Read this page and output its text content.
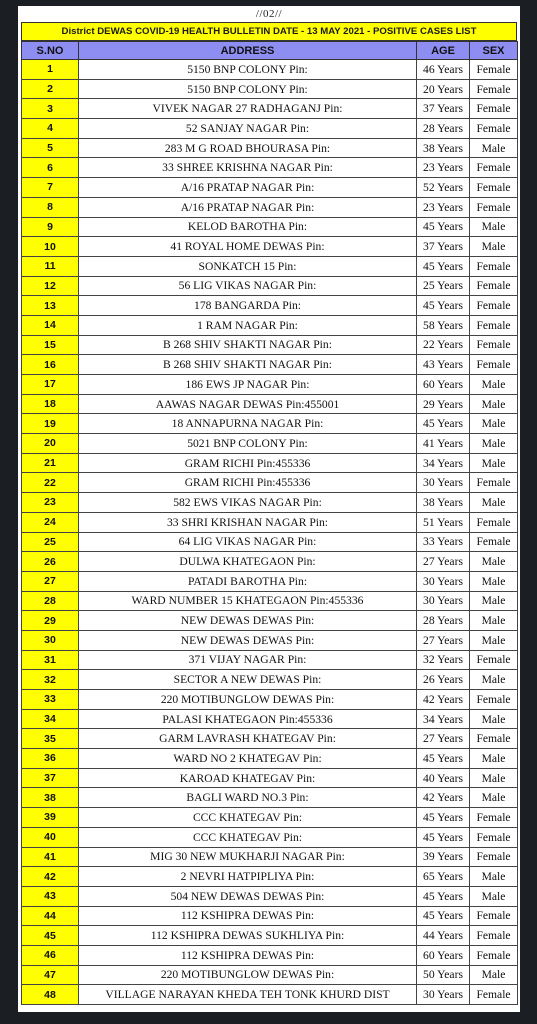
//02//
District DEWAS COVID-19 HEALTH BULLETIN DATE - 13 MAY 2021 - POSITIVE CASES LIST
S.NO	ADDRESS	AGE	SEX
1	5150 BNP COLONY Pin:	46 Years	Female
2	5150 BNP COLONY Pin:	20 Years	Female
3	VIVEK NAGAR 27 RADHAGANJ Pin:	37 Years	Female
4	52 SANJAY NAGAR Pin:	28 Years	Female
5	283 M G ROAD BHOURASA Pin:	38 Years	Male
6	33 SHREE KRISHNA NAGAR Pin:	23 Years	Female
7	A/16 PRATAP NAGAR Pin:	52 Years	Female
8	A/16 PRATAP NAGAR Pin:	23 Years	Female
9	KELOD BAROTHA Pin:	45 Years	Male
10	41 ROYAL HOME DEWAS Pin:	37 Years	Male
11	SONKATCH 15 Pin:	45 Years	Female
12	56 LIG VIKAS NAGAR Pin:	25 Years	Female
13	178 BANGARDA Pin:	45 Years	Female
14	1 RAM NAGAR Pin:	58 Years	Female
15	B 268 SHIV SHAKTI NAGAR Pin:	22 Years	Female
16	B 268 SHIV SHAKTI NAGAR Pin:	43 Years	Female
17	186 EWS JP NAGAR Pin:	60 Years	Male
18	AAWAS NAGAR DEWAS Pin:455001	29 Years	Male
19	18 ANNAPURNA NAGAR Pin:	45 Years	Male
20	5021 BNP COLONY Pin:	41 Years	Male
21	GRAM RICHI Pin:455336	34 Years	Male
22	GRAM RICHI Pin:455336	30 Years	Female
23	582 EWS VIKAS NAGAR Pin:	38 Years	Male
24	33 SHRI KRISHAN NAGAR Pin:	51 Years	Female
25	64 LIG VIKAS NAGAR Pin:	33 Years	Female
26	DULWA KHATEGAON Pin:	27 Years	Male
27	PATADI BAROTHA Pin:	30 Years	Male
28	WARD NUMBER 15 KHATEGAON Pin:455336	30 Years	Male
29	NEW DEWAS DEWAS Pin:	28 Years	Male
30	NEW DEWAS DEWAS Pin:	27 Years	Male
31	371 VIJAY NAGAR Pin:	32 Years	Female
32	SECTOR A NEW DEWAS Pin:	26 Years	Male
33	220 MOTIBUNGLOW DEWAS Pin:	42 Years	Female
34	PALASI KHATEGAON Pin:455336	34 Years	Male
35	GARM LAVRASH KHATEGAV Pin:	27 Years	Female
36	WARD NO 2 KHATEGAV Pin:	45 Years	Male
37	KAROAD KHATEGAV Pin:	40 Years	Male
38	BAGLI WARD NO.3 Pin:	42 Years	Male
39	CCC KHATEGAV Pin:	45 Years	Female
40	CCC KHATEGAV Pin:	45 Years	Female
41	MIG 30 NEW MUKHARJI NAGAR Pin:	39 Years	Female
42	2 NEVRI HATPIPLIYA Pin:	65 Years	Male
43	504 NEW DEWAS DEWAS Pin:	45 Years	Male
44	112 KSHIPRA DEWAS Pin:	45 Years	Female
45	112 KSHIPRA DEWAS SUKHLIYA Pin:	44 Years	Female
46	112 KSHIPRA DEWAS Pin:	60 Years	Female
47	220 MOTIBUNGLOW DEWAS Pin:	50 Years	Male
48	VILLAGE NARAYAN KHEDA TEH TONK KHURD DIST	30 Years	Female
